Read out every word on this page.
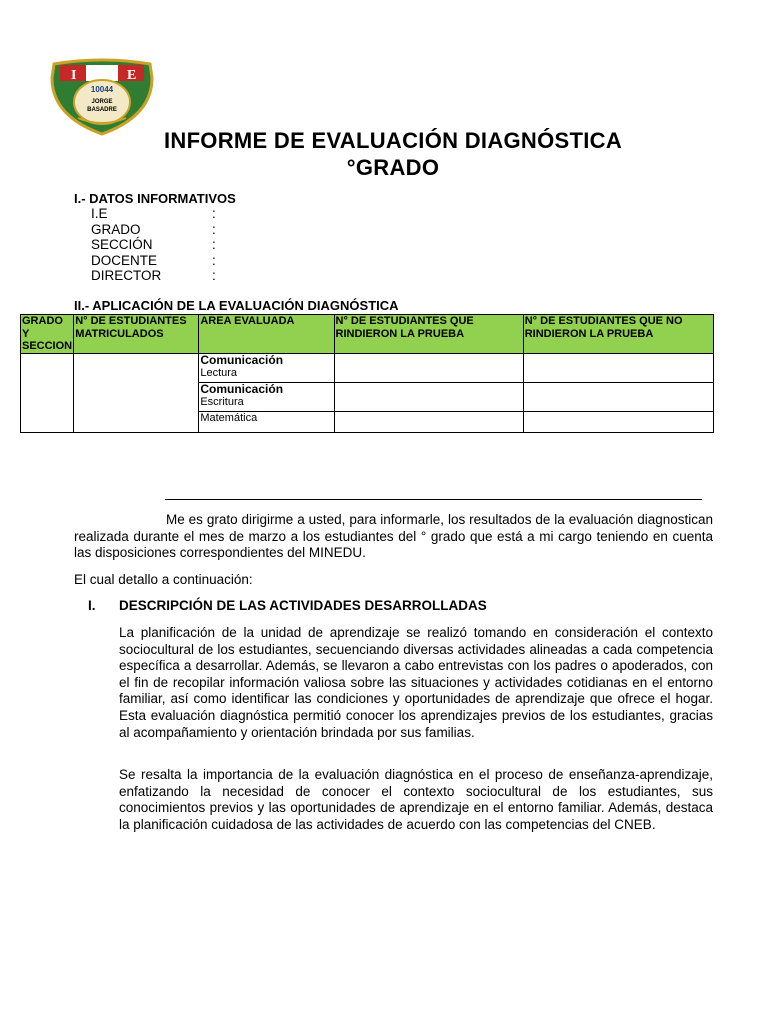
I	E
10044
JORGE
BASADRE
INFORME DE EVALUACIÓN DIAGNÓSTICA
°GRADO
I.- DATOS INFORMATIVOS
I.E	:
GRADO	:
SECCIÓN	:
DOCENTE	:
DIRECTOR	:
II.- APLICACIÓN DE LA EVALUACIÓN DIAGNÓSTICA
GRADO Y SECCION	N° DE ESTUDIANTES MATRICULADOS	AREA EVALUADA	N° DE ESTUDIANTES QUE RINDIERON LA PRUEBA	N° DE ESTUDIANTES QUE NO RINDIERON LA PRUEBA

		Comunicación
Lectura		

		Comunicación
Escritura		

		Matemática		

Me es grato dirigirme a usted, para informarle, los resultados de la evaluación diagnostican realizada durante el mes de marzo a los estudiantes del ° grado que está a mi cargo teniendo en cuenta las disposiciones correspondientes del MINEDU.
El cual detallo a continuación:
I. DESCRIPCIÓN DE LAS ACTIVIDADES DESARROLLADAS
La planificación de la unidad de aprendizaje se realizó tomando en consideración el contexto sociocultural de los estudiantes, secuenciando diversas actividades alineadas a cada competencia específica a desarrollar. Además, se llevaron a cabo entrevistas con los padres o apoderados, con el fin de recopilar información valiosa sobre las situaciones y actividades cotidianas en el entorno familiar, así como identificar las condiciones y oportunidades de aprendizaje que ofrece el hogar. Esta evaluación diagnóstica permitió conocer los aprendizajes previos de los estudiantes, gracias al acompañamiento y orientación brindada por sus familias.
Se resalta la importancia de la evaluación diagnóstica en el proceso de enseñanza-aprendizaje, enfatizando la necesidad de conocer el contexto sociocultural de los estudiantes, sus conocimientos previos y las oportunidades de aprendizaje en el entorno familiar. Además, destaca la planificación cuidadosa de las actividades de acuerdo con las competencias del CNEB.
